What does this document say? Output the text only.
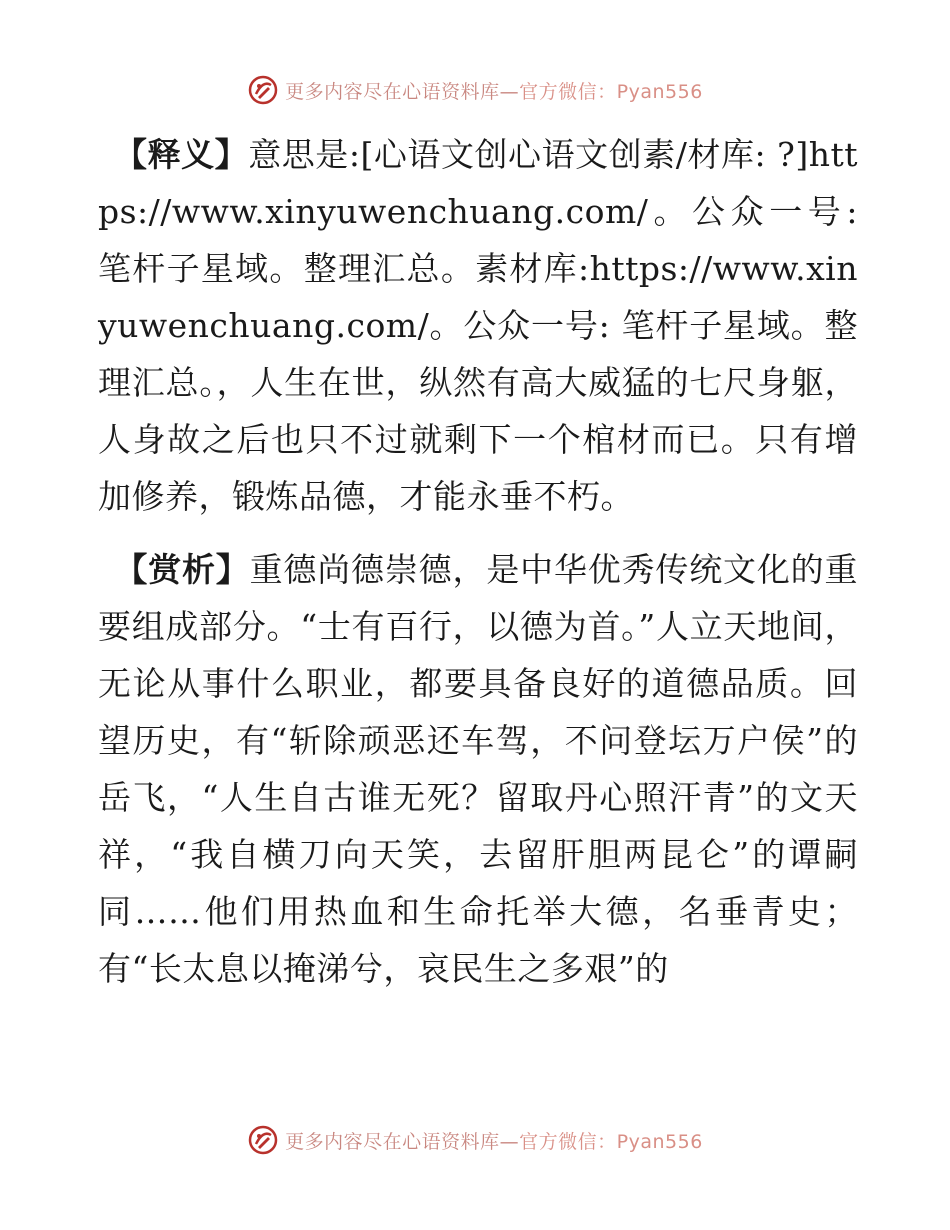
更多内容尽在心语资料库—官方微信：Pyan556

【释义】意思是:[心语文创心语文创素/材库: ?]https://www.xinyuwenchuang.com/。公众一号: 笔杆子星域。整理汇总。素材库:https://www.xinyuwenchuang.com/。公众一号: 笔杆子星域。整理汇总。，人生在世，纵然有高大威猛的七尺身躯，人身故之后也只不过就剩下一个棺材而已。只有增加修养，锻炼品德，才能永垂不朽。

【赏析】重德尚德崇德，是中华优秀传统文化的重要组成部分。“士有百行，以德为首。”人立天地间，无论从事什么职业，都要具备良好的道德品质。回望历史，有“斩除顽恶还车驾，不问登坛万户侯”的岳飞，“人生自古谁无死？留取丹心照汗青”的文天祥，“我自横刀向天笑，去留肝胆两昆仑”的谭嗣同……他们用热血和生命托举大德，名垂青史；有“长太息以掩涕兮，哀民生之多艰”的

更多内容尽在心语资料库—官方微信：Pyan556
